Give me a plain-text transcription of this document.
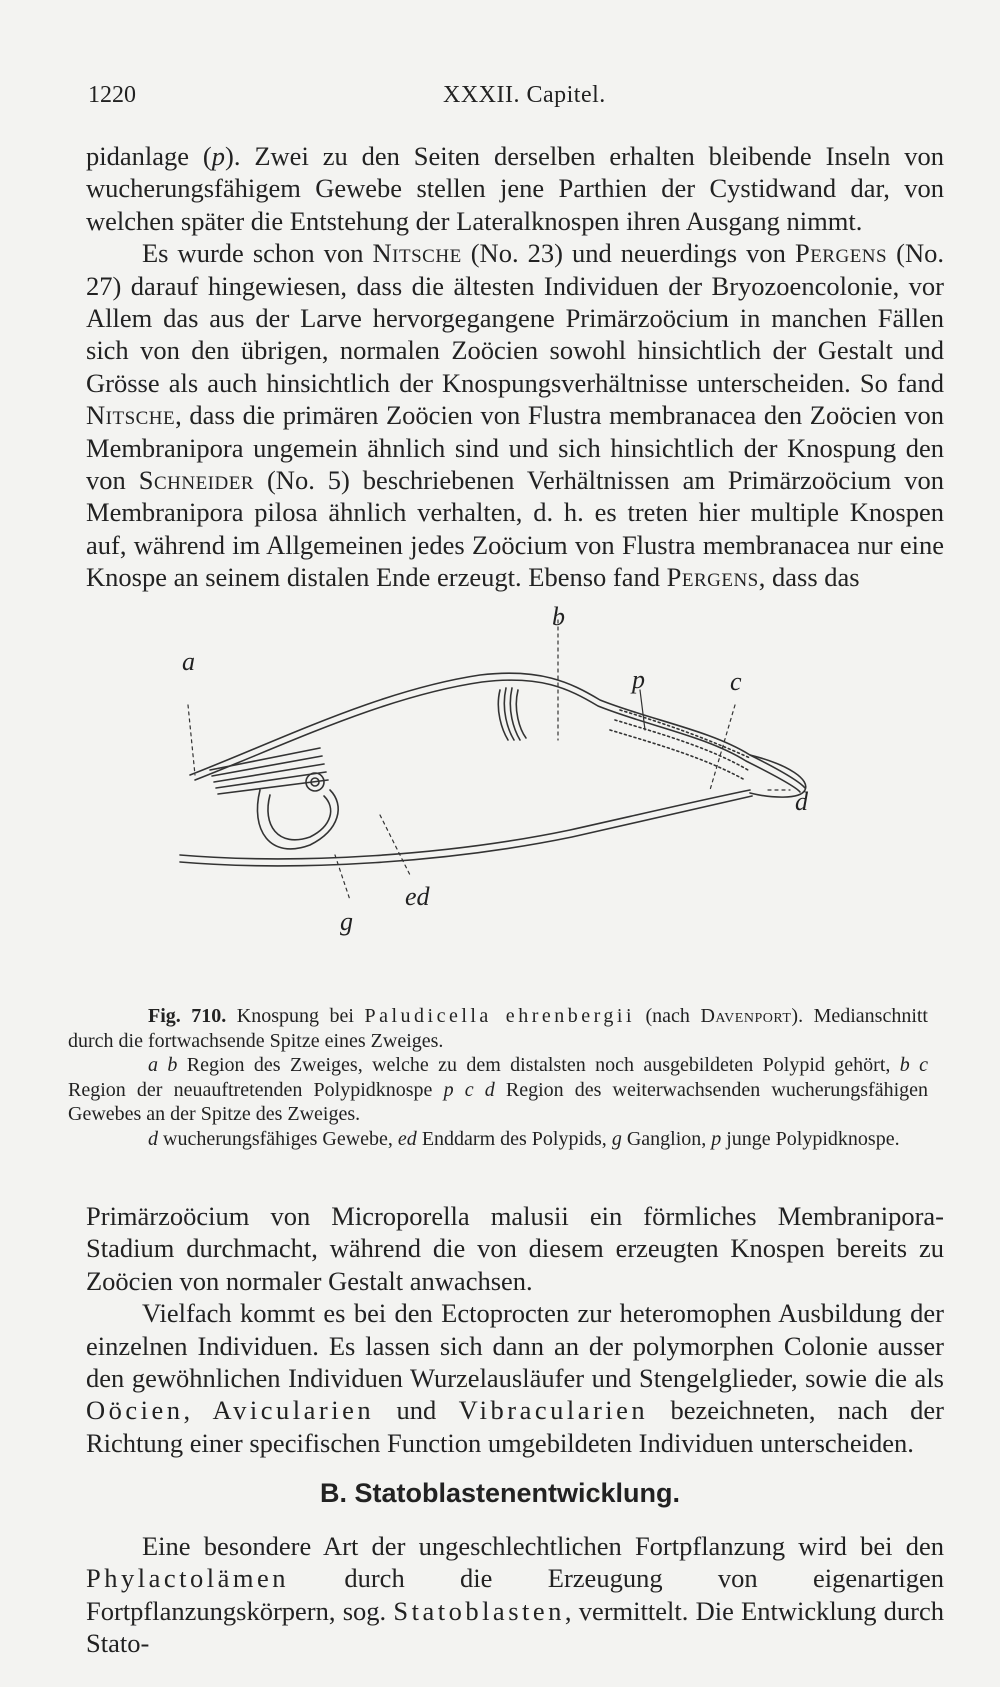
1220	XXXII. Capitel.

pidanlage (p). Zwei zu den Seiten derselben erhalten bleibende Inseln von wucherungsfähigem Gewebe stellen jene Parthien der Cystidwand dar, von welchen später die Entstehung der Lateralknospen ihren Ausgang nimmt.

Es wurde schon von Nitsche (No. 23) und neuerdings von Pergens (No. 27) darauf hingewiesen, dass die ältesten Individuen der Bryozoencolonie, vor Allem das aus der Larve hervorgegangene Primärzoöcium in manchen Fällen sich von den übrigen, normalen Zoöcien sowohl hinsichtlich der Gestalt und Grösse als auch hinsichtlich der Knospungsverhältnisse unterscheiden. So fand Nitsche, dass die primären Zoöcien von Flustra membranacea den Zoöcien von Membranipora ungemein ähnlich sind und sich hinsichtlich der Knospung den von Schneider (No. 5) beschriebenen Verhältnissen am Primärzoöcium von Membranipora pilosa ähnlich verhalten, d. h. es treten hier multiple Knospen auf, während im Allgemeinen jedes Zoöcium von Flustra membranacea nur eine Knospe an seinem distalen Ende erzeugt. Ebenso fand Pergens, dass das

a
b
p	c
d
g
ed

Fig. 710. Knospung bei Paludicella ehrenbergii (nach Davenport). Medianschnitt durch die fortwachsende Spitze eines Zweiges.

a b Region des Zweiges, welche zu dem distalsten noch ausgebildeten Polypid gehört, b c Region der neuauftretenden Polypidknospe p c d Region des weiterwachsenden wucherungsfähigen Gewebes an der Spitze des Zweiges.

d wucherungsfähiges Gewebe, ed Enddarm des Polypids, g Ganglion, p junge Polypidknospe.

Primärzoöcium von Microporella malusii ein förmliches Membranipora-Stadium durchmacht, während die von diesem erzeugten Knospen bereits zu Zoöcien von normaler Gestalt anwachsen.

Vielfach kommt es bei den Ectoprocten zur heteromophen Ausbildung der einzelnen Individuen. Es lassen sich dann an der polymorphen Colonie ausser den gewöhnlichen Individuen Wurzelausläufer und Stengelglieder, sowie die als Oöcien, Avicularien und Vibracularien bezeichneten, nach der Richtung einer specifischen Function umgebildeten Individuen unterscheiden.

B. Statoblastenentwicklung.

Eine besondere Art der ungeschlechtlichen Fortpflanzung wird bei den Phylactolämen durch die Erzeugung von eigenartigen Fortpflanzungskörpern, sog. Statoblasten, vermittelt. Die Entwicklung durch Stato-
